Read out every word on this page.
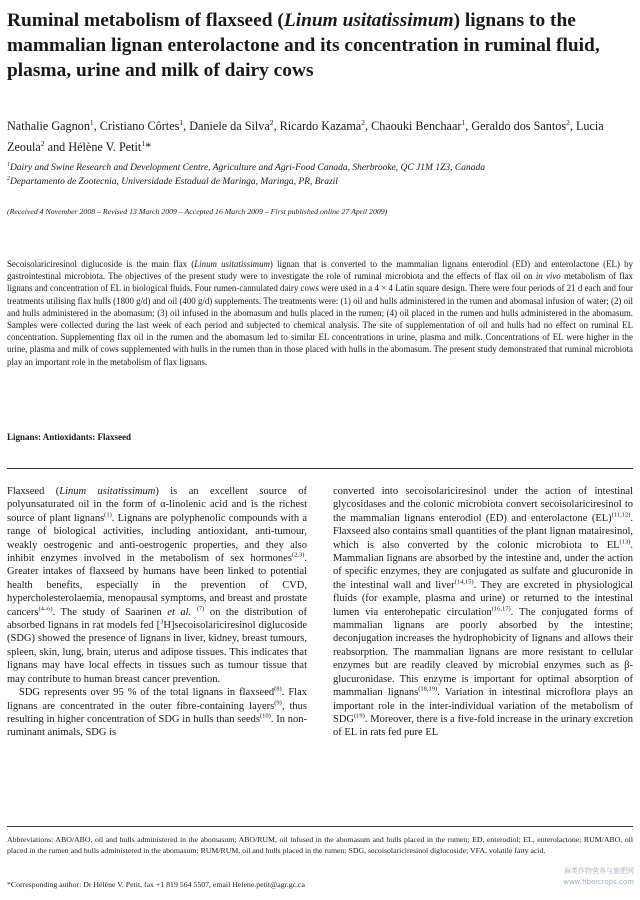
Ruminal metabolism of flaxseed (Linum usitatissimum) lignans to the mammalian lignan enterolactone and its concentration in ruminal fluid, plasma, urine and milk of dairy cows

Nathalie Gagnon$^1$, Cristiano Côrtes$^1$, Daniele da Silva$^2$, Ricardo Kazama$^2$, Chaouki Benchaar$^1$, Geraldo dos Santos$^2$, Lucia Zeoula$^2$ and Hélène V. Petit$^1$*

$^1$Dairy and Swine Research and Development Centre, Agriculture and Agri-Food Canada, Sherbrooke, QC J1M 1Z3, Canada
$^2$Departamento de Zootecnia, Universidade Estadual de Maringa, Maringa, PR, Brazil

(Received 4 November 2008 – Revised 13 March 2009 – Accepted 16 March 2009 – First published online 27 April 2009)

Secoisolariciresinol diglucoside is the main flax (Linum usitatissimum) lignan that is converted to the mammalian lignans enterodiol (ED) and enterolactone (EL) by gastrointestinal microbiota. The objectives of the present study were to investigate the role of ruminal microbiota and the effects of flax oil on in vivo metabolism of flax lignans and concentration of EL in biological fluids. Four rumen-cannulated dairy cows were used in a 4 × 4 Latin square design. There were four periods of 21 d each and four treatments utilising flax hulls (1800 g/d) and oil (400 g/d) supplements. The treatments were: (1) oil and hulls administered in the rumen and abomasal infusion of water; (2) oil and hulls administered in the abomasum; (3) oil infused in the abomasum and hulls placed in the rumen; (4) oil placed in the rumen and hulls administered in the abomasum. Samples were collected during the last week of each period and subjected to chemical analysis. The site of supplementation of oil and hulls had no effect on ruminal EL concentration. Supplementing flax oil in the rumen and the abomasum led to similar EL concentrations in urine, plasma and milk. Concentrations of EL were higher in the urine, plasma and milk of cows supplemented with hulls in the rumen than in those placed with hulls in the abomasum. The present study demonstrated that ruminal microbiota play an important role in the metabolism of flax lignans.

Lignans: Antioxidants: Flaxseed

Flaxseed (Linum usitatissimum) is an excellent source of polyunsaturated oil in the form of α-linolenic acid and is the richest source of plant lignans$^{(1)}$. Lignans are polyphenolic compounds with a range of biological activities, including antioxidant, anti-tumour, weakly oestrogenic and anti-oestrogenic properties, and they also inhibit enzymes involved in the metabolism of sex hormones$^{(2,3)}$. Greater intakes of flaxseed by humans have been linked to potential health benefits, especially in the prevention of CVD, hypercholesterolaemia, menopausal symptoms, and breast and prostate cancers$^{(4-6)}$. The study of Saarinen et al. $^{(7)}$ on the distribution of absorbed lignans in rat models fed [$^3$H]secoisolariciresinol diglucoside (SDG) showed the presence of lignans in liver, kidney, breast tumours, spleen, skin, lung, brain, uterus and adipose tissues. This indicates that lignans may have local effects in tissues such as tumour tissue that may contribute to human breast cancer prevention.

SDG represents over 95 % of the total lignans in flaxseed$^{(8)}$. Flax lignans are concentrated in the outer fibre-containing layers$^{(9)}$, thus resulting in higher concentration of SDG in hulls than seeds$^{(10)}$. In non-ruminant animals, SDG is

converted into secoisolariciresinol under the action of intestinal glycosidases and the colonic microbiota convert secoisolariciresinol to the mammalian lignans enterodiol (ED) and enterolactone (EL)$^{(11,12)}$. Flaxseed also contains small quantities of the plant lignan matairesinol, which is also converted by the colonic microbiota to EL$^{(13)}$. Mammalian lignans are absorbed by the intestine and, under the action of specific enzymes, they are conjugated as sulfate and glucuronide in the intestinal wall and liver$^{(14,15)}$. They are excreted in physiological fluids (for example, plasma and urine) or returned to the intestinal lumen via enterohepatic circulation$^{(16,17)}$. The conjugated forms of mammalian lignans are poorly absorbed by the intestine; deconjugation increases the hydrophobicity of lignans and allows their reabsorption. The mammalian lignans are more resistant to cellular enzymes but are readily cleaved by microbial enzymes such as β-glucuronidase. This enzyme is important for optimal absorption of mammalian lignans$^{(18,19)}$. Variation in intestinal microflora plays an important role in the inter-individual variation of the metabolism of SDG$^{(19)}$. Moreover, there is a five-fold increase in the urinary excretion of EL in rats fed pure EL

Abbreviations: ABO/ABO, oil and hulls administered in the abomasum; ABO/RUM, oil infused in the abomasum and hulls placed in the rumen; ED, enterodiol; EL, enterolactone; RUM/ABO, oil placed in the rumen and hulls administered in the abomasum; RUM/RUM, oil and hulls placed in the rumen; SDG, secoisolariciresinol diglucoside; VFA, volatile fatty acid.

*Corresponding author: Dr Hélène V. Petit, fax +1 819 564 5507, email Helene.petit@agr.gc.ca

麻类作物营养与施肥网
www.fibercrops.com
